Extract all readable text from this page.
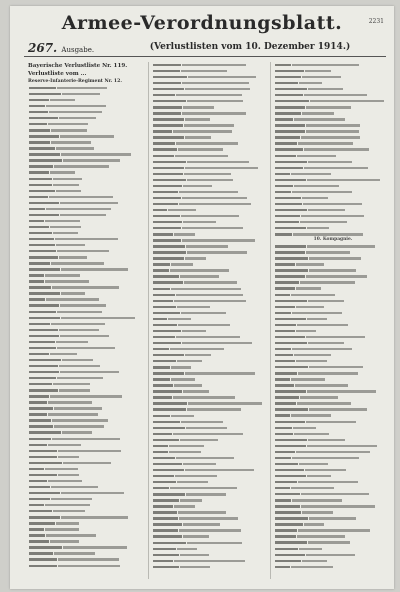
Armee-Verordnungsblatt.	2231
267. Ausgabe.	(Verlustlisten vom 10. Dezember 1914.)
Bayerische Verlustliste Nr. 119.
Verlustliste vom ...
Reserve-Infanterie-Regiment Nr. 12.
10. Kompagnie.
